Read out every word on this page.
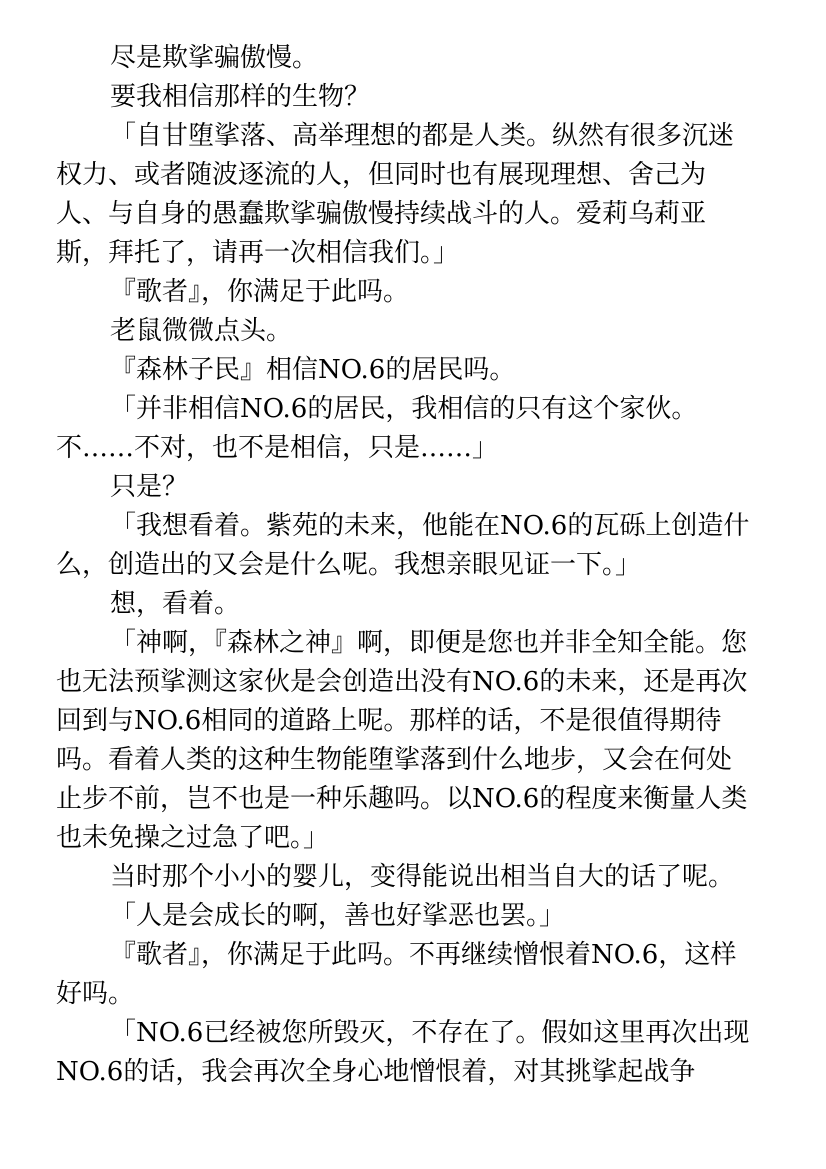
尽是欺挲骗傲慢。

要我相信那样的生物？

「自甘堕挲落、高举理想的都是人类。纵然有很多沉迷权力、或者随波逐流的人，但同时也有展现理想、舍己为人、与自身的愚蠢欺挲骗傲慢持续战斗的人。爱莉乌莉亚斯，拜托了，请再一次相信我们。」

『歌者』，你满足于此吗。

老鼠微微点头。

『森林子民』相信NO.6的居民吗。

「并非相信NO.6的居民，我相信的只有这个家伙。不……不对，也不是相信，只是……」

只是？

「我想看着。紫苑的未来，他能在NO.6的瓦砾上创造什么，创造出的又会是什么呢。我想亲眼见证一下。」

想，看着。

「神啊，『森林之神』啊，即便是您也并非全知全能。您也无法预挲测这家伙是会创造出没有NO.6的未来，还是再次回到与NO.6相同的道路上呢。那样的话，不是很值得期待吗。看着人类的这种生物能堕挲落到什么地步，又会在何处止步不前，岂不也是一种乐趣吗。以NO.6的程度来衡量人类也未免操之过急了吧。」

当时那个小小的婴儿，变得能说出相当自大的话了呢。

「人是会成长的啊，善也好挲恶也罢。」

『歌者』，你满足于此吗。不再继续憎恨着NO.6，这样好吗。

「NO.6已经被您所毁灭，不存在了。假如这里再次出现NO.6的话，我会再次全身心地憎恨着，对其挑挲起战争
